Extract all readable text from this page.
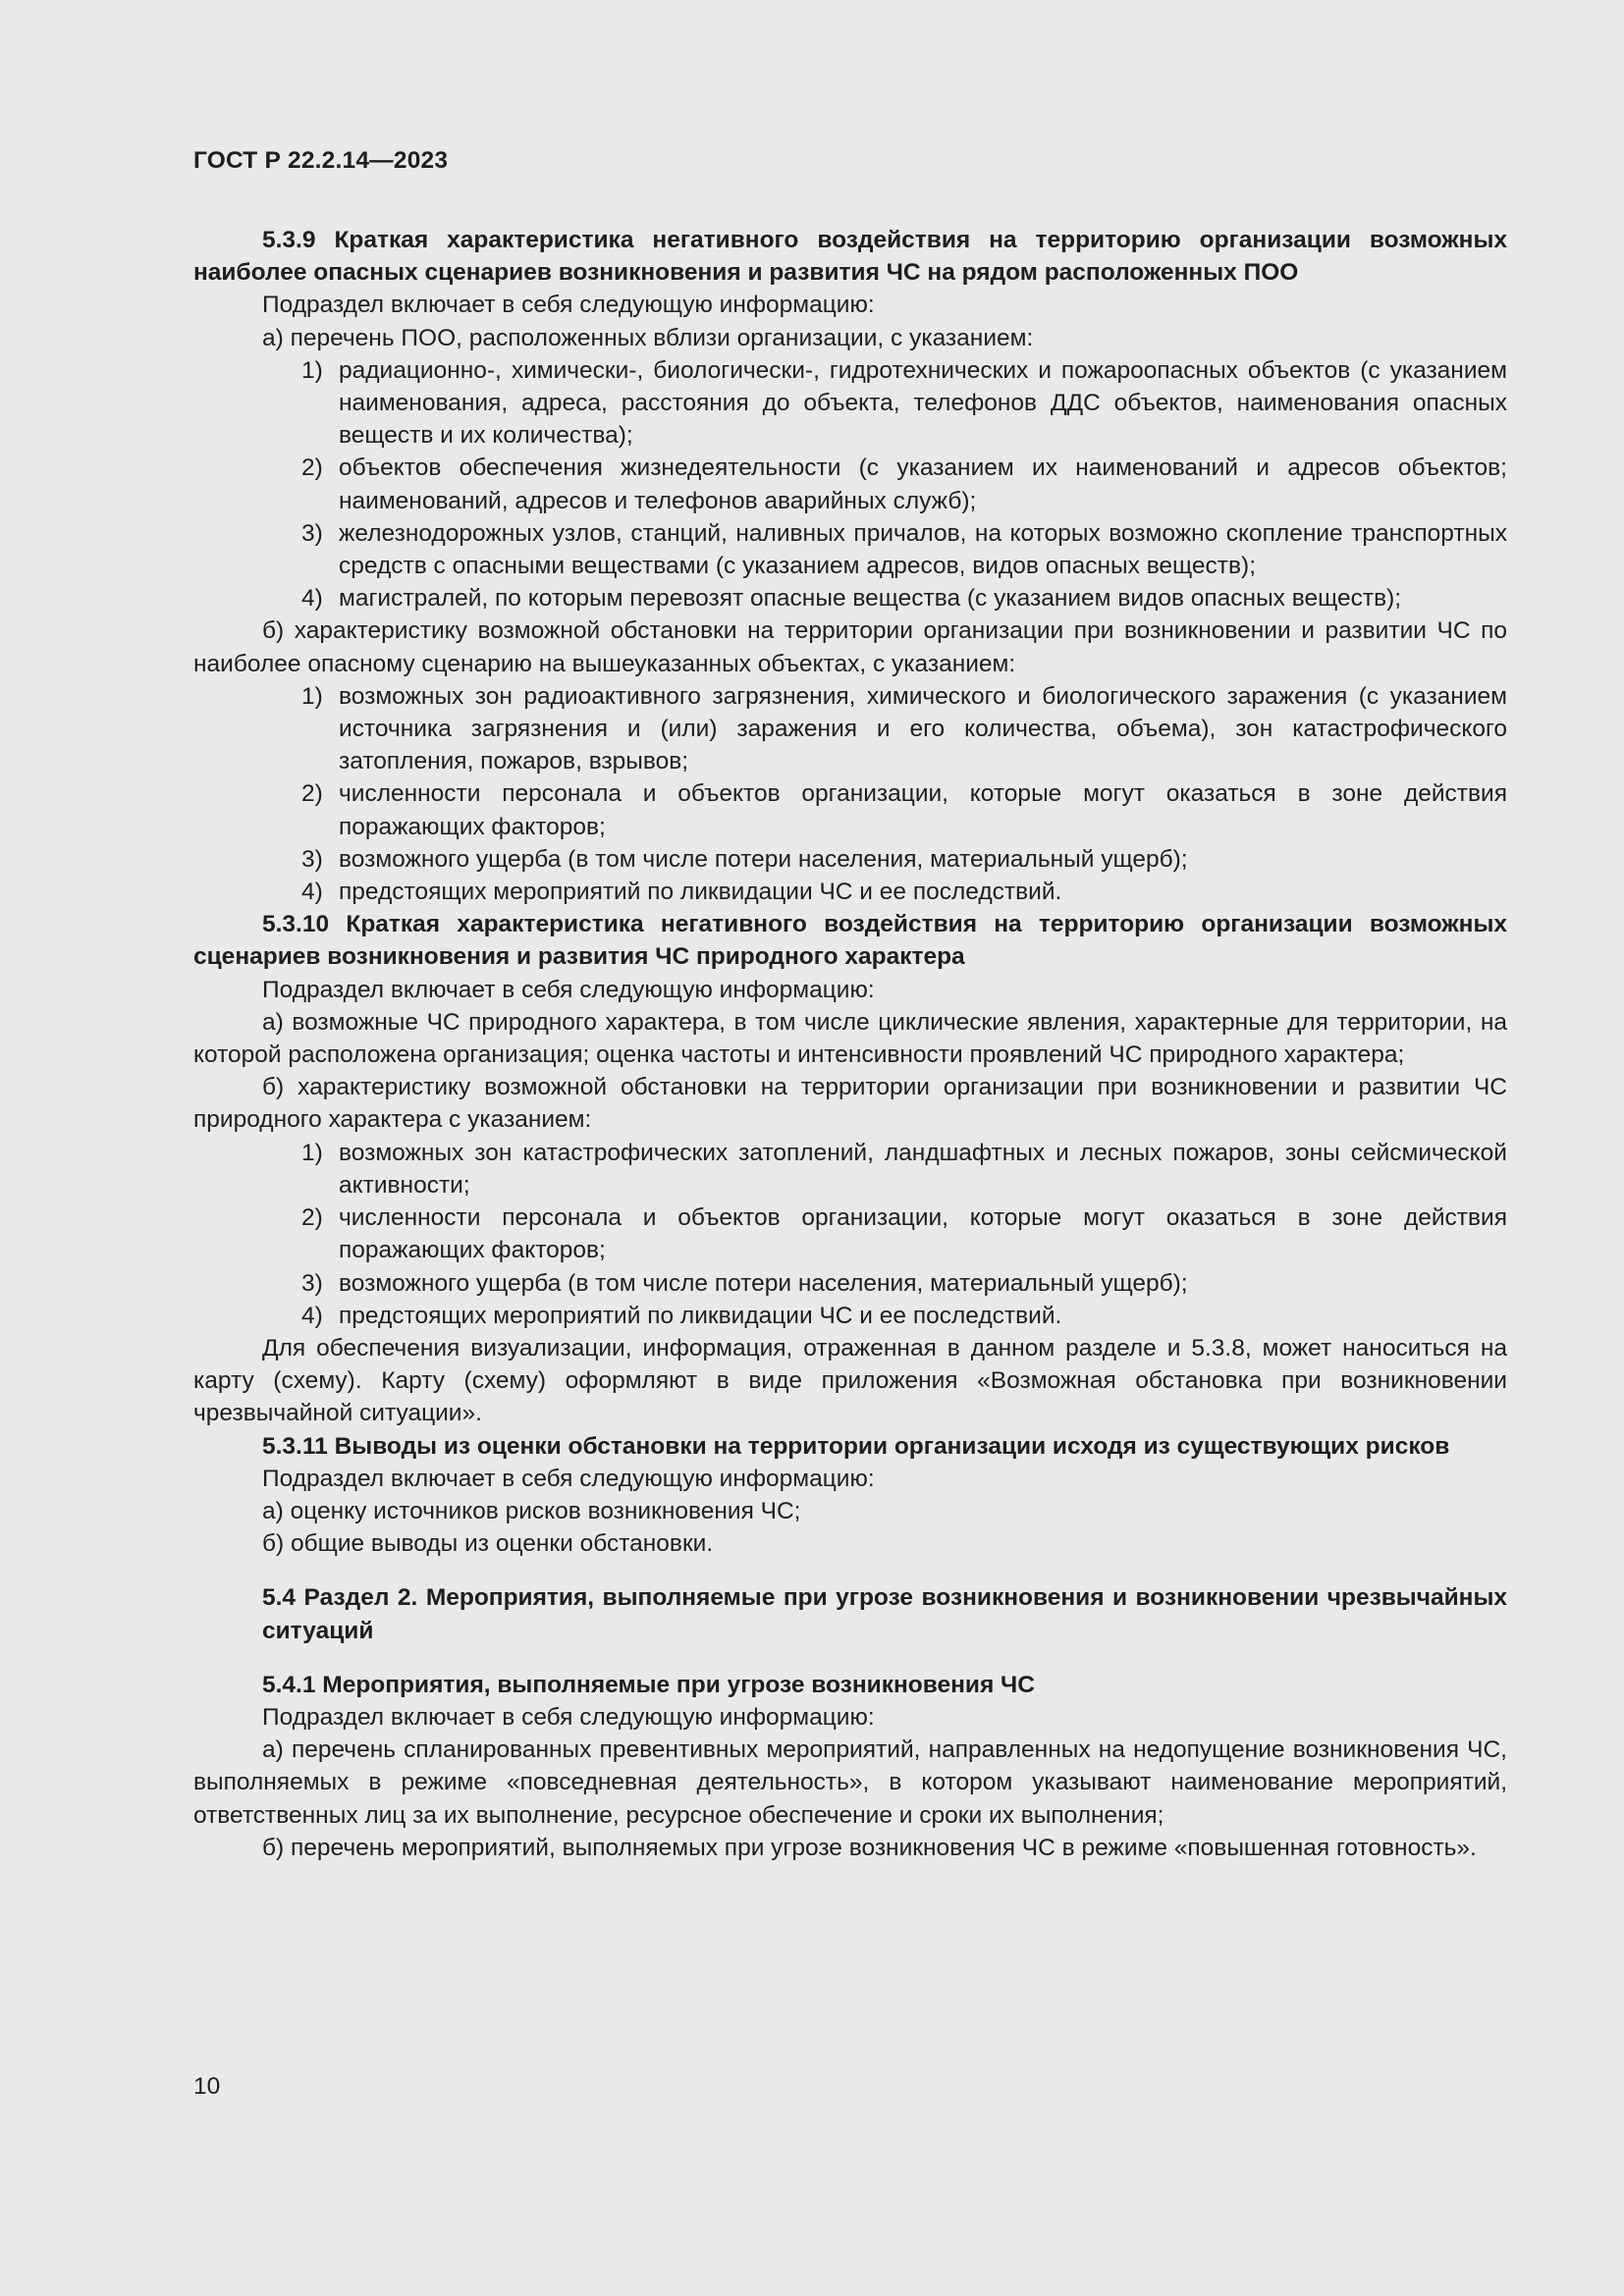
ГОСТ Р 22.2.14—2023

5.3.9 Краткая характеристика негативного воздействия на территорию организации возможных наиболее опасных сценариев возникновения и развития ЧС на рядом расположенных ПОО

Подраздел включает в себя следующую информацию:

а) перечень ПОО, расположенных вблизи организации, с указанием:

1) радиационно-, химически-, биологически-, гидротехнических и пожароопасных объектов (с указанием наименования, адреса, расстояния до объекта, телефонов ДДС объектов, наименования опасных веществ и их количества);
2) объектов обеспечения жизнедеятельности (с указанием их наименований и адресов объектов; наименований, адресов и телефонов аварийных служб);
3) железнодорожных узлов, станций, наливных причалов, на которых возможно скопление транспортных средств с опасными веществами (с указанием адресов, видов опасных веществ);
4) магистралей, по которым перевозят опасные вещества (с указанием видов опасных веществ);

б) характеристику возможной обстановки на территории организации при возникновении и развитии ЧС по наиболее опасному сценарию на вышеуказанных объектах, с указанием:

1) возможных зон радиоактивного загрязнения, химического и биологического заражения (с указанием источника загрязнения и (или) заражения и его количества, объема), зон катастрофического затопления, пожаров, взрывов;
2) численности персонала и объектов организации, которые могут оказаться в зоне действия поражающих факторов;
3) возможного ущерба (в том числе потери населения, материальный ущерб);
4) предстоящих мероприятий по ликвидации ЧС и ее последствий.

5.3.10 Краткая характеристика негативного воздействия на территорию организации возможных сценариев возникновения и развития ЧС природного характера

Подраздел включает в себя следующую информацию:

а) возможные ЧС природного характера, в том числе циклические явления, характерные для территории, на которой расположена организация; оценка частоты и интенсивности проявлений ЧС природного характера;

б) характеристику возможной обстановки на территории организации при возникновении и развитии ЧС природного характера с указанием:

1) возможных зон катастрофических затоплений, ландшафтных и лесных пожаров, зоны сейсмической активности;
2) численности персонала и объектов организации, которые могут оказаться в зоне действия поражающих факторов;
3) возможного ущерба (в том числе потери населения, материальный ущерб);
4) предстоящих мероприятий по ликвидации ЧС и ее последствий.

Для обеспечения визуализации, информация, отраженная в данном разделе и 5.3.8, может наноситься на карту (схему). Карту (схему) оформляют в виде приложения «Возможная обстановка при возникновении чрезвычайной ситуации».

5.3.11 Выводы из оценки обстановки на территории организации исходя из существующих рисков

Подраздел включает в себя следующую информацию:

а) оценку источников рисков возникновения ЧС;

б) общие выводы из оценки обстановки.

5.4 Раздел 2. Мероприятия, выполняемые при угрозе возникновения и возникновении чрезвычайных ситуаций

5.4.1 Мероприятия, выполняемые при угрозе возникновения ЧС

Подраздел включает в себя следующую информацию:

а) перечень спланированных превентивных мероприятий, направленных на недопущение возникновения ЧС, выполняемых в режиме «повседневная деятельность», в котором указывают наименование мероприятий, ответственных лиц за их выполнение, ресурсное обеспечение и сроки их выполнения;

б) перечень мероприятий, выполняемых при угрозе возникновения ЧС в режиме «повышенная готовность».

10
